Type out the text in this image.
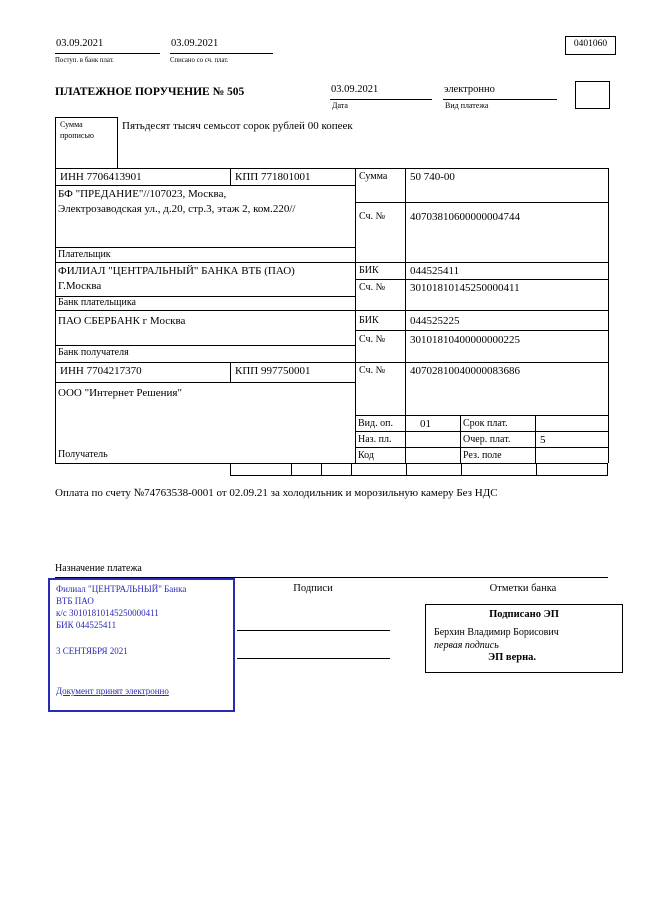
03.09.2021
Поступ. в банк плат.
03.09.2021
Списано со сч. плат.
0401060
ПЛАТЕЖНОЕ ПОРУЧЕНИЕ № 505	03.09.2021
Дата
электронно
Вид платежа
Сумма прописью
Пятьдесят тысяч семьсот сорок рублей 00 копеек
ИНН 7706413901	КПП 771801001	Сумма 50 740-00
БФ "ПРЕДАНИЕ"//107023, Москва, Электрозаводская ул., д.20, стр.3, этаж 2, ком.220//
Сч. № 40703810600000004744
Плательщик
ФИЛИАЛ "ЦЕНТРАЛЬНЫЙ" БАНКА ВТБ (ПАО)
Г.Москва
БИК	044525411
Сч. № 30101810145250000411
Банк плательщика
ПАО СБЕРБАНК г Москва	БИК	044525225
Сч. № 30101810400000000225
Банк получателя
ИНН 7704217370	КПП 997750001	Сч. № 40702810040000083686
ООО "Интернет Решения"
Получатель
Вид. оп. 01	Срок плат.
Наз. пл.	Очер. плат.	5
Код	Рез. поле
Оплата по счету №74763538-0001 от 02.09.21 за холодильник и морозильную камеру Без НДС
Назначение платежа
Филиал "ЦЕНТРАЛЬНЫЙ" Банка
ВТБ ПАО
к/с 30101810145250000411
БИК 044525411
3 СЕНТЯБРЯ 2021
Документ принят электронно
Подписи	Отметки банка
Подписано ЭП
Берхин Владимир Борисович
первая подпись
ЭП верна.
